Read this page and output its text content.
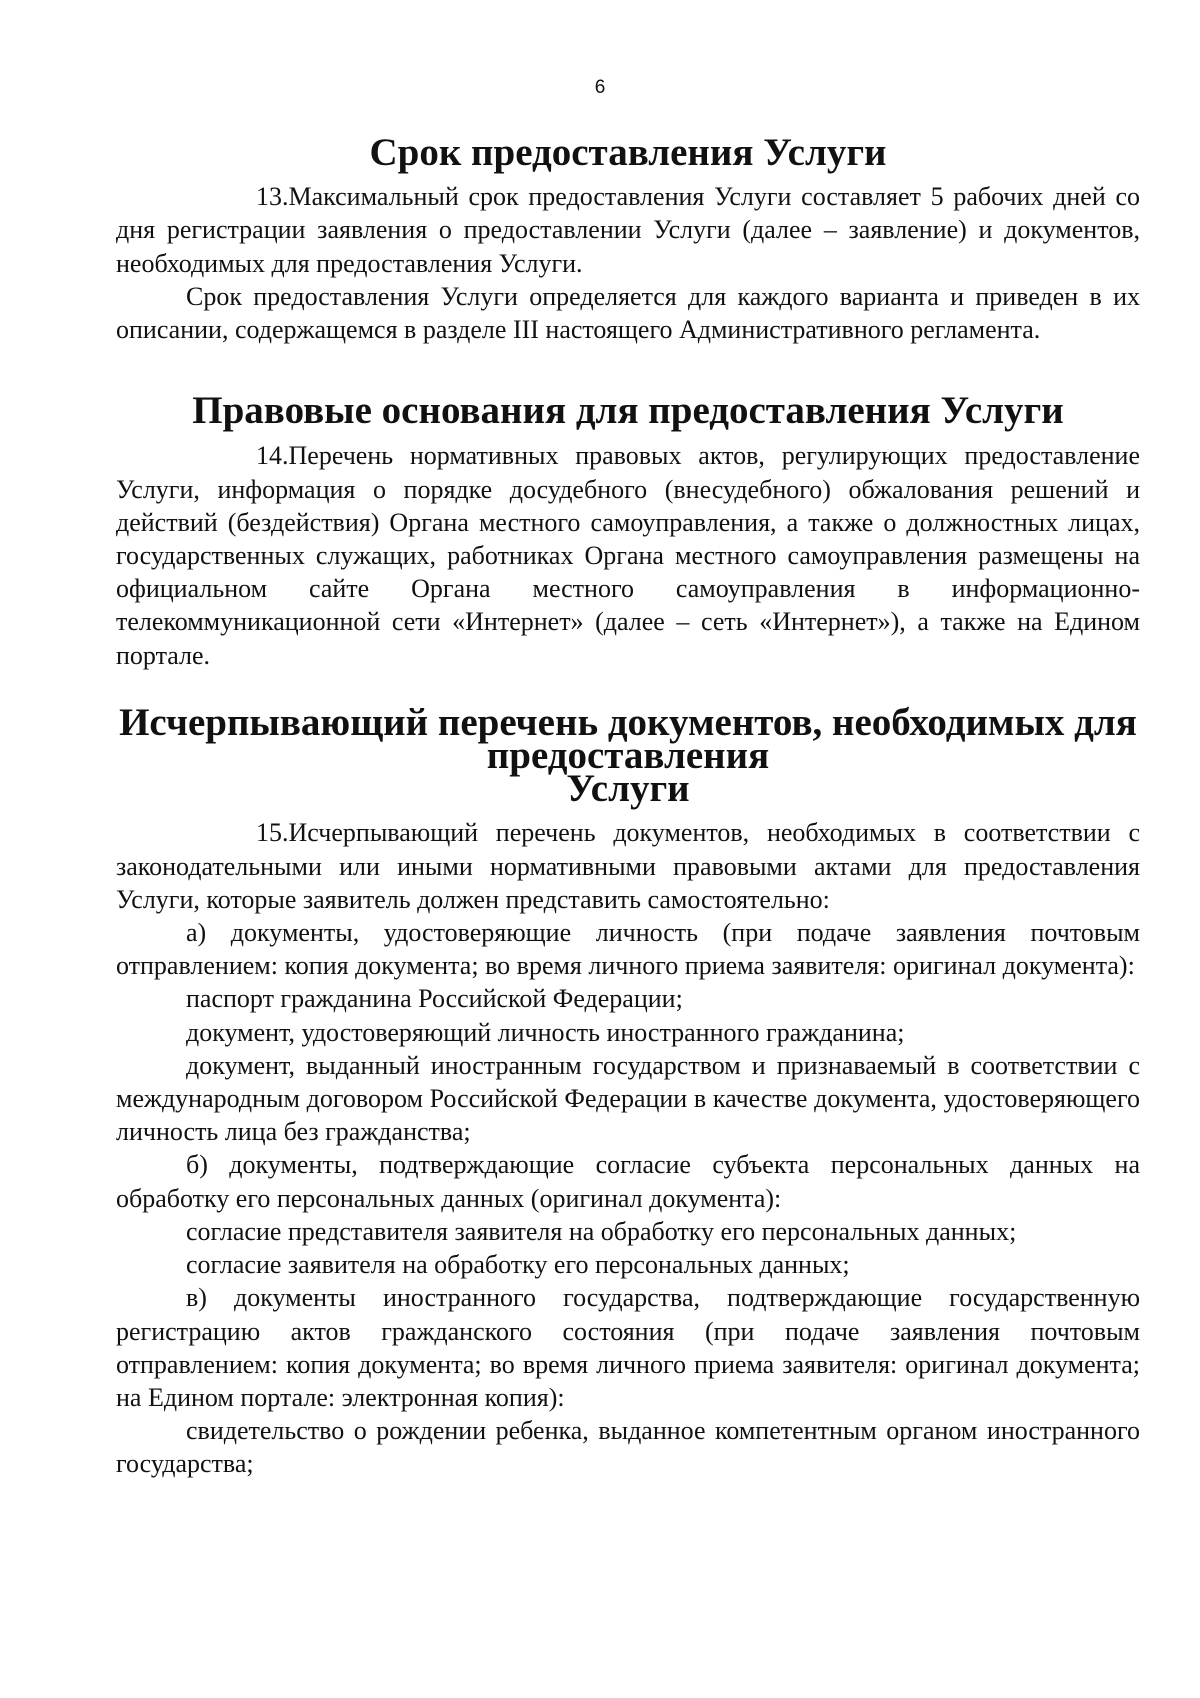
6
Срок предоставления Услуги

13.Максимальный срок предоставления Услуги составляет 5 рабочих дней со дня регистрации заявления о предоставлении Услуги (далее – заявление) и документов, необходимых для предоставления Услуги.

Срок предоставления Услуги определяется для каждого варианта и приведен в их описании, содержащемся в разделе III настоящего Административного регламента.

Правовые основания для предоставления Услуги

14.Перечень нормативных правовых актов, регулирующих предоставление Услуги, информация о порядке досудебного (внесудебного) обжалования решений и действий (бездействия) Органа местного самоуправления, а также о должностных лицах, государственных служащих, работниках Органа местного самоуправления размещены на официальном сайте Органа местного самоуправления в информационно-телекоммуникационной сети «Интернет» (далее – сеть «Интернет»), а также на Едином портале.

Исчерпывающий перечень документов, необходимых для предоставления
Услуги

15.Исчерпывающий перечень документов, необходимых в соответствии с законодательными или иными нормативными правовыми актами для предоставления Услуги, которые заявитель должен представить самостоятельно:

а) документы, удостоверяющие личность (при подаче заявления почтовым отправлением: копия документа; во время личного приема заявителя: оригинал документа):

паспорт гражданина Российской Федерации;

документ, удостоверяющий личность иностранного гражданина;

документ, выданный иностранным государством и признаваемый в соответствии с международным договором Российской Федерации в качестве документа, удостоверяющего личность лица без гражданства;

б) документы, подтверждающие согласие субъекта персональных данных на обработку его персональных данных (оригинал документа):

согласие представителя заявителя на обработку его персональных данных;

согласие заявителя на обработку его персональных данных;

в) документы иностранного государства, подтверждающие государственную регистрацию актов гражданского состояния (при подаче заявления почтовым отправлением: копия документа; во время личного приема заявителя: оригинал документа; на Едином портале: электронная копия):

свидетельство о рождении ребенка, выданное компетентным органом иностранного государства;
